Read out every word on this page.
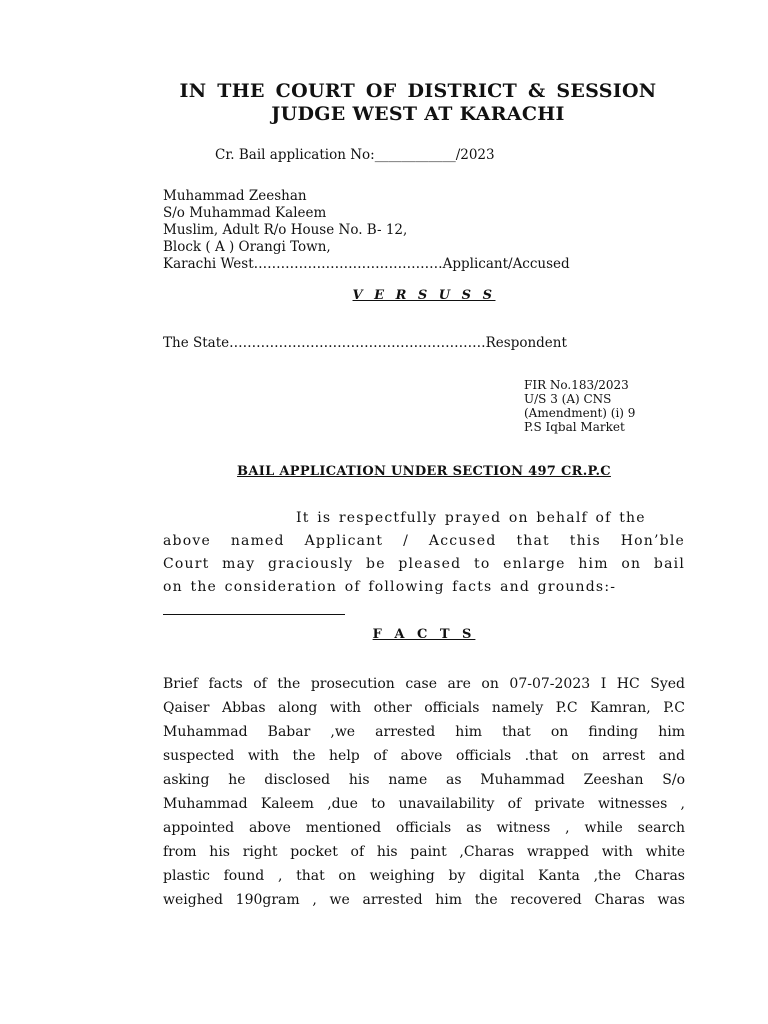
IN THE COURT OF DISTRICT & SESSION
JUDGE WEST AT KARACHI

Cr. Bail application No:____________/2023

Muhammad Zeeshan

S/o Muhammad Kaleem

Muslim, Adult R/o House No. B- 12,

Block ( A ) Orangi Town,

Karachi West……………………………………Applicant/Accused

V E R S U S S

The State…………………………………………………Respondent

FIR No.183/2023

U/S 3 (A) CNS

(Amendment) (i) 9

P.S Iqbal Market

BAIL APPLICATION UNDER SECTION 497 CR.P.C

It is respectfully prayed on behalf of the

above named Applicant / Accused that this Hon’ble

Court may graciously be pleased to enlarge him on bail

on the consideration of following facts and grounds:-

F A C T S

Brief facts of the prosecution case are on 07-07-2023 I HC Syed

Qaiser Abbas along with other officials namely P.C Kamran, P.C

Muhammad Babar ,we arrested him that on finding him

suspected with the help of above officials .that on arrest and

asking he disclosed his name as Muhammad Zeeshan S/o

Muhammad Kaleem ,due to unavailability of private witnesses ,

appointed above mentioned officials as witness , while search

from his right pocket of his paint ,Charas wrapped with white

plastic found , that on weighing by digital Kanta ,the Charas

weighed 190gram , we arrested him the recovered Charas was
